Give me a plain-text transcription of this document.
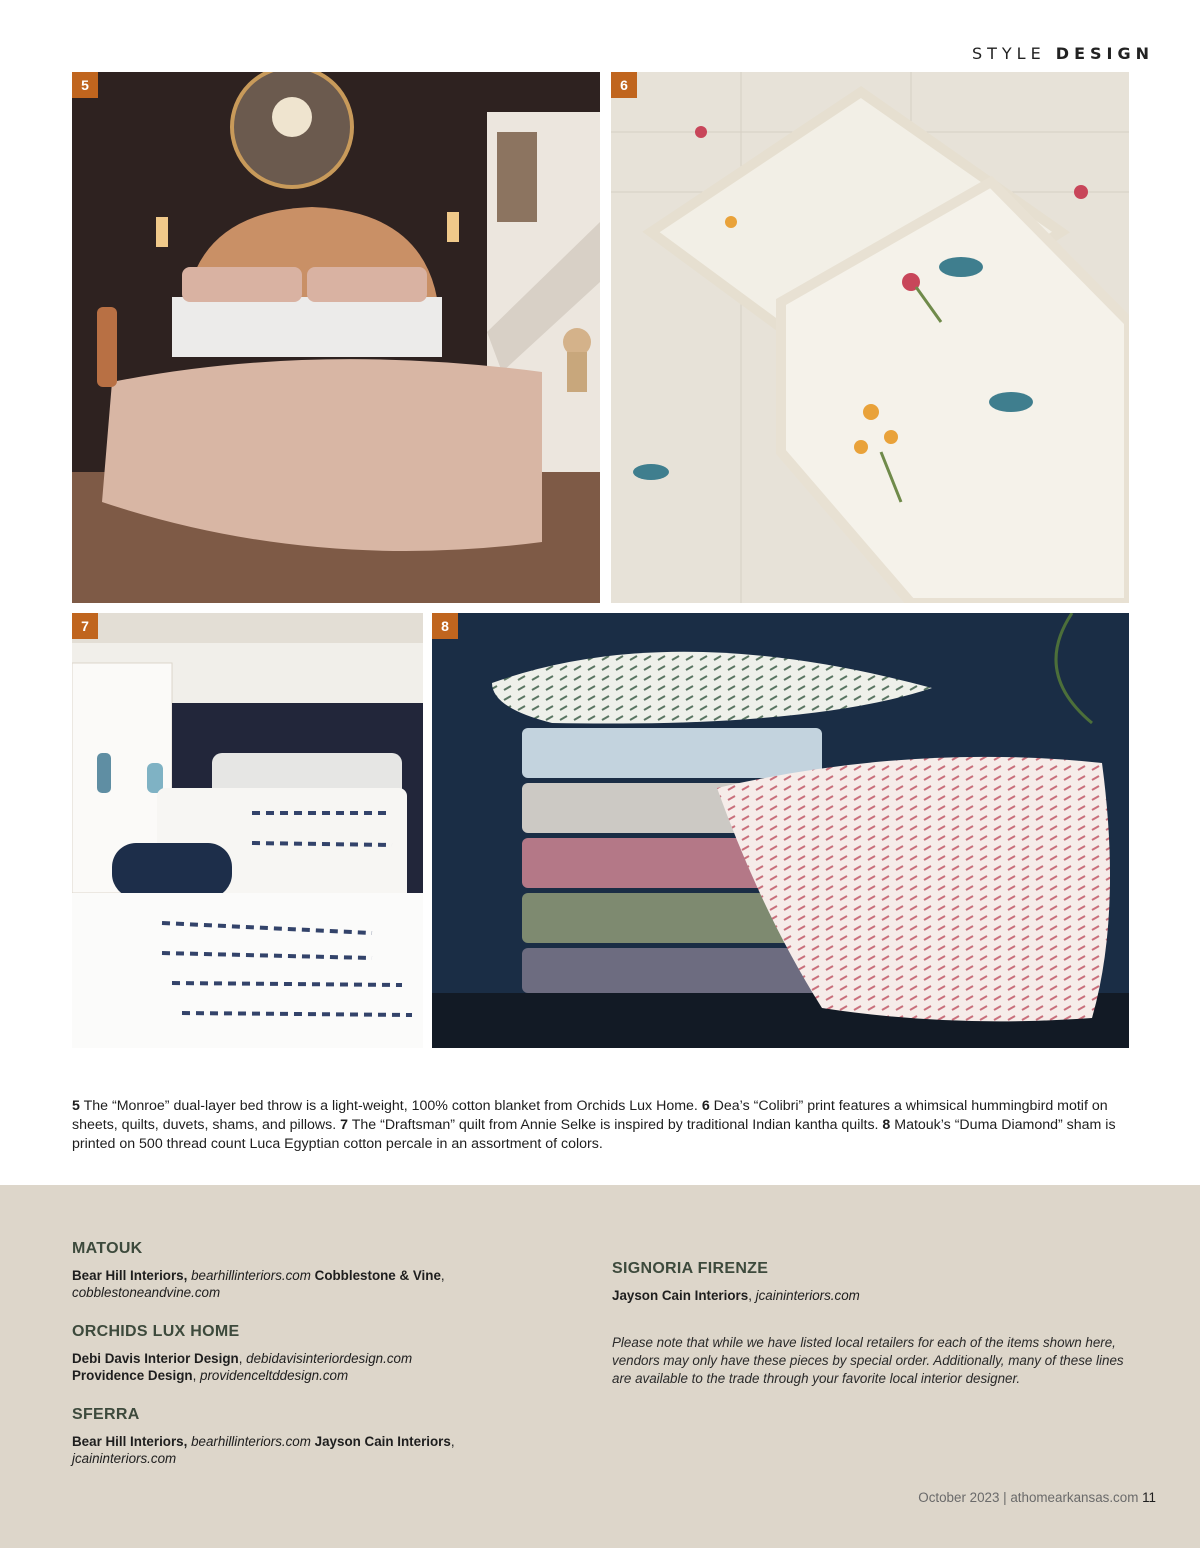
STYLE DESIGN
5	6
7	8
5 The “Monroe” dual-layer bed throw is a light-weight, 100% cotton blanket from Orchids Lux Home. 6 Dea’s “Colibri” print features a whimsical hummingbird motif on sheets, quilts, duvets, shams, and pillows. 7 The “Draftsman” quilt from Annie Selke is inspired by traditional Indian kantha quilts. 8 Matouk’s “Duma Diamond” sham is printed on 500 thread count Luca Egyptian cotton percale in an assortment of colors.
MATOUK
Bear Hill Interiors, bearhillinteriors.com Cobblestone & Vine,
cobblestoneandvine.com
ORCHIDS LUX HOME
Debi Davis Interior Design, debidavisinteriordesign.com
Providence Design, providenceltddesign.com
SFERRA
Bear Hill Interiors, bearhillinteriors.com Jayson Cain Interiors,
jcaininteriors.com
SIGNORIA FIRENZE
Jayson Cain Interiors, jcaininteriors.com
Please note that while we have listed local retailers for each of the items shown here, vendors may only have these pieces by special order. Additionally, many of these lines are available to the trade through your favorite local interior designer.
October 2023 | athomearkansas.com 11
